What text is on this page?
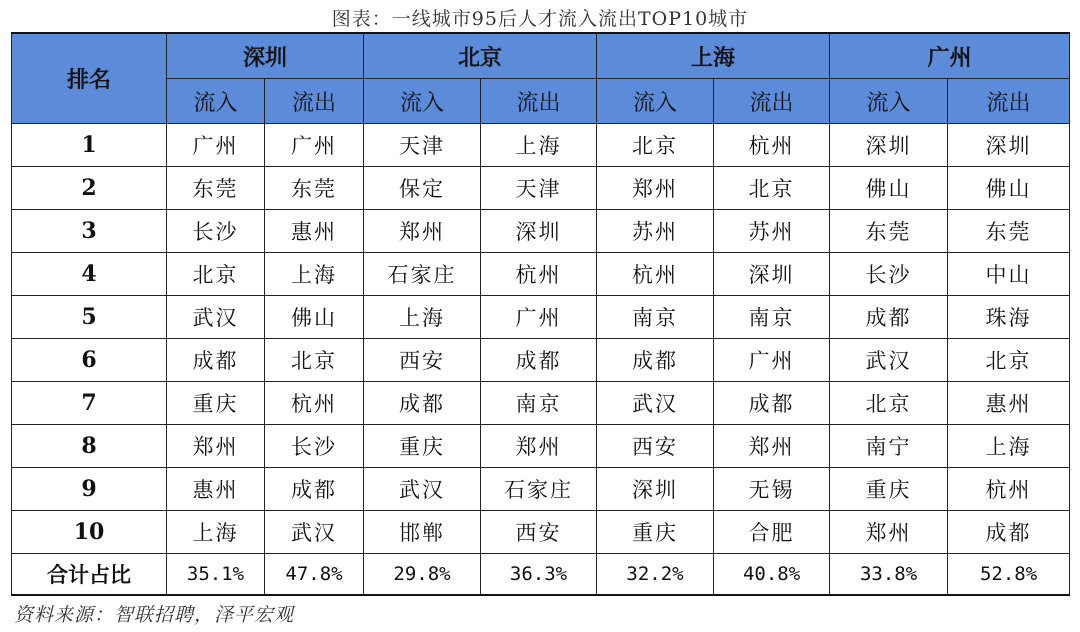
图表：一线城市95后人才流入流出TOP10城市
排名	深圳		北京		上海		广州	
	流入	流出	流入	流出	流入	流出	流入	流出
1	广州	广州	天津	上海	北京	杭州	深圳	深圳
2	东莞	东莞	保定	天津	郑州	北京	佛山	佛山
3	长沙	惠州	郑州	深圳	苏州	苏州	东莞	东莞
4	北京	上海	石家庄	杭州	杭州	深圳	长沙	中山
5	武汉	佛山	上海	广州	南京	南京	成都	珠海
6	成都	北京	西安	成都	成都	广州	武汉	北京
7	重庆	杭州	成都	南京	武汉	成都	北京	惠州
8	郑州	长沙	重庆	郑州	西安	郑州	南宁	上海
9	惠州	成都	武汉	石家庄	深圳	无锡	重庆	杭州
10	上海	武汉	邯郸	西安	重庆	合肥	郑州	成都
合计占比	35.1%	47.8%	29.8%	36.3%	32.2%	40.8%	33.8%	52.8%
资料来源：智联招聘，泽平宏观
